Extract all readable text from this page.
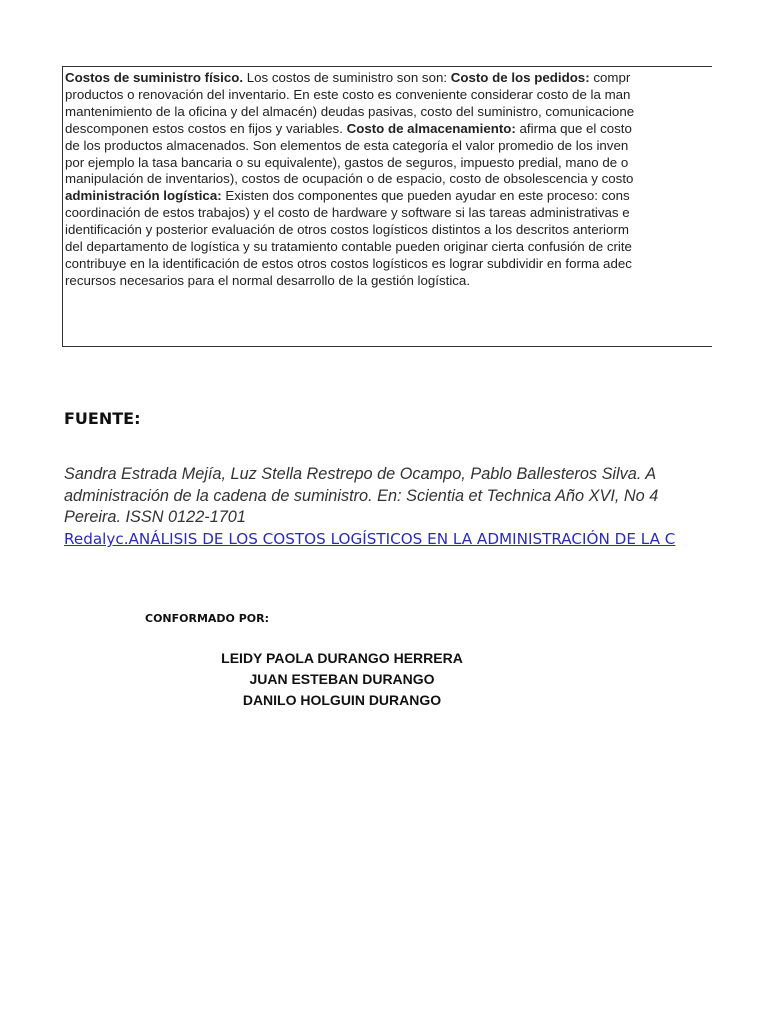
Costos de suministro físico. Los costos de suministro son son: Costo de los pedidos: compr
productos o renovación del inventario. En este costo es conveniente considerar costo de la man
mantenimiento de la oficina y del almacén) deudas pasivas, costo del suministro, comunicacione
descomponen estos costos en fijos y variables. Costo de almacenamiento: afirma que el costo
de los productos almacenados. Son elementos de esta categoría el valor promedio de los inven
por ejemplo la tasa bancaria o su equivalente), gastos de seguros, impuesto predial, mano de o
manipulación de inventarios), costos de ocupación o de espacio, costo de obsolescencia y costo
administración logística: Existen dos componentes que pueden ayudar en este proceso: cons
coordinación de estos trabajos) y el costo de hardware y software si las tareas administrativas e
identificación y posterior evaluación de otros costos logísticos distintos a los descritos anteriorm
del departamento de logística y su tratamiento contable pueden originar cierta confusión de crite
contribuye en la identificación de estos otros costos logísticos es lograr subdividir en forma adec
recursos necesarios para el normal desarrollo de la gestión logística.
FUENTE:
Sandra Estrada Mejía, Luz Stella Restrepo de Ocampo, Pablo Ballesteros Silva. A
administración de la cadena de suministro. En: Scientia et Technica Año XVI, No 4
Pereira. ISSN 0122-1701
Redalyc.ANÁLISIS DE LOS COSTOS LOGÍSTICOS EN LA ADMINISTRACIÓN DE LA C
CONFORMADO POR:
LEIDY PAOLA DURANGO HERRERA
JUAN ESTEBAN DURANGO
DANILO HOLGUIN DURANGO
